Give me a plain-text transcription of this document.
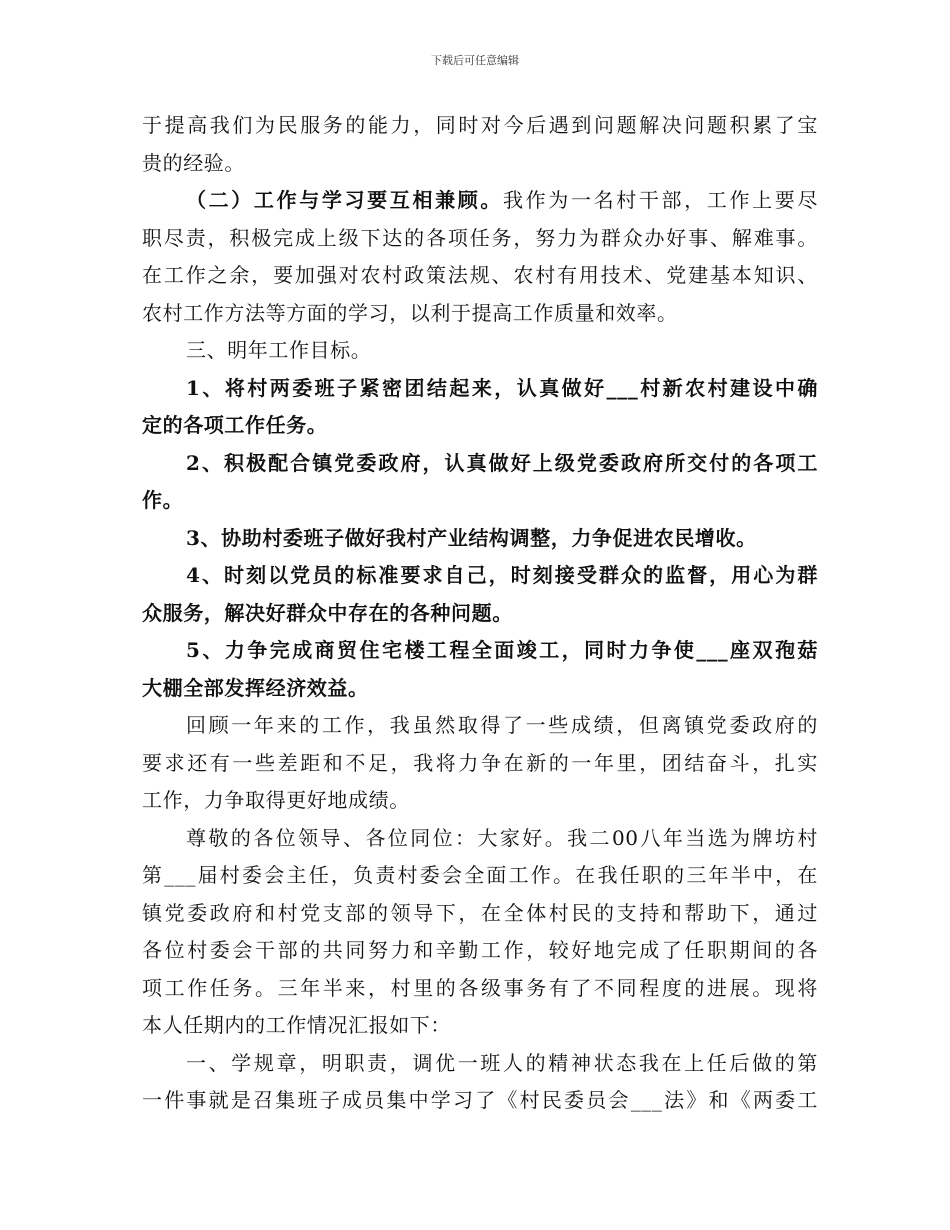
下载后可任意编辑
于提高我们为民服务的能力，同时对今后遇到问题解决问题积累了宝
贵的经验。
（二）工作与学习要互相兼顾。我作为一名村干部，工作上要尽
职尽责，积极完成上级下达的各项任务，努力为群众办好事、解难事。
在工作之余，要加强对农村政策法规、农村有用技术、党建基本知识、
农村工作方法等方面的学习，以利于提高工作质量和效率。
三、明年工作目标。
1、将村两委班子紧密团结起来，认真做好___村新农村建设中确
定的各项工作任务。
2、积极配合镇党委政府，认真做好上级党委政府所交付的各项工
作。
3、协助村委班子做好我村产业结构调整，力争促进农民增收。
4、时刻以党员的标准要求自己，时刻接受群众的监督，用心为群
众服务，解决好群众中存在的各种问题。
5、力争完成商贸住宅楼工程全面竣工，同时力争使___座双孢菇
大棚全部发挥经济效益。
回顾一年来的工作，我虽然取得了一些成绩，但离镇党委政府的
要求还有一些差距和不足，我将力争在新的一年里，团结奋斗，扎实
工作，力争取得更好地成绩。
尊敬的各位领导、各位同位：大家好。我二00八年当选为牌坊村
第___届村委会主任，负责村委会全面工作。在我任职的三年半中，在
镇党委政府和村党支部的领导下，在全体村民的支持和帮助下，通过
各位村委会干部的共同努力和辛勤工作，较好地完成了任职期间的各
项工作任务。三年半来，村里的各级事务有了不同程度的进展。现将
本人任期内的工作情况汇报如下：
一、学规章，明职责，调优一班人的精神状态我在上任后做的第
一件事就是召集班子成员集中学习了《村民委员会___法》和《两委工
